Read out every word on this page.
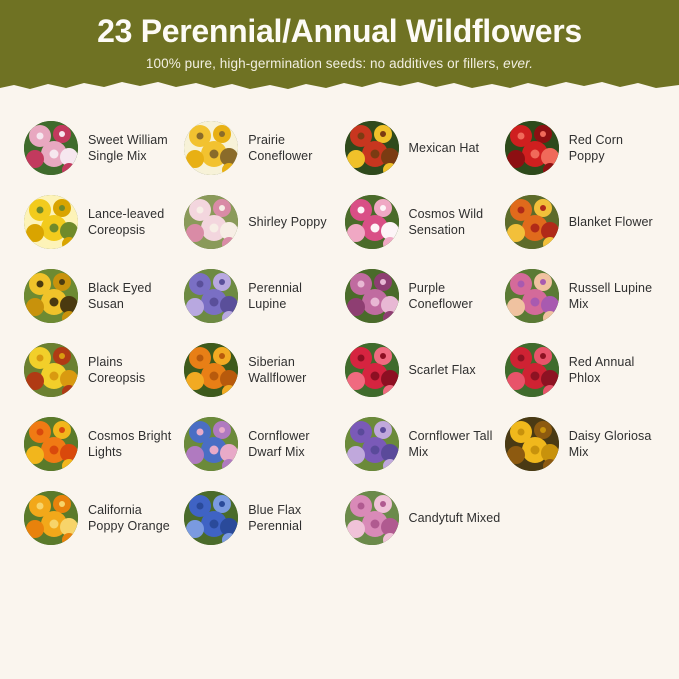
23 Perennial/Annual Wildflowers

100% pure, high-germination seeds: no additives or fillers, ever.

Sweet William Single Mix
Prairie Coneflower
Mexican Hat
Red Corn Poppy
Lance-leaved Coreopsis
Shirley Poppy
Cosmos Wild Sensation
Blanket Flower
Black Eyed Susan
Perennial Lupine
Purple Coneflower
Russell Lupine Mix
Plains Coreopsis
Siberian Wallflower
Scarlet Flax
Red Annual Phlox
Cosmos Bright Lights
Cornflower Dwarf Mix
Cornflower Tall Mix
Daisy Gloriosa Mix
California Poppy Orange
Blue Flax Perennial
Candytuft Mixed
